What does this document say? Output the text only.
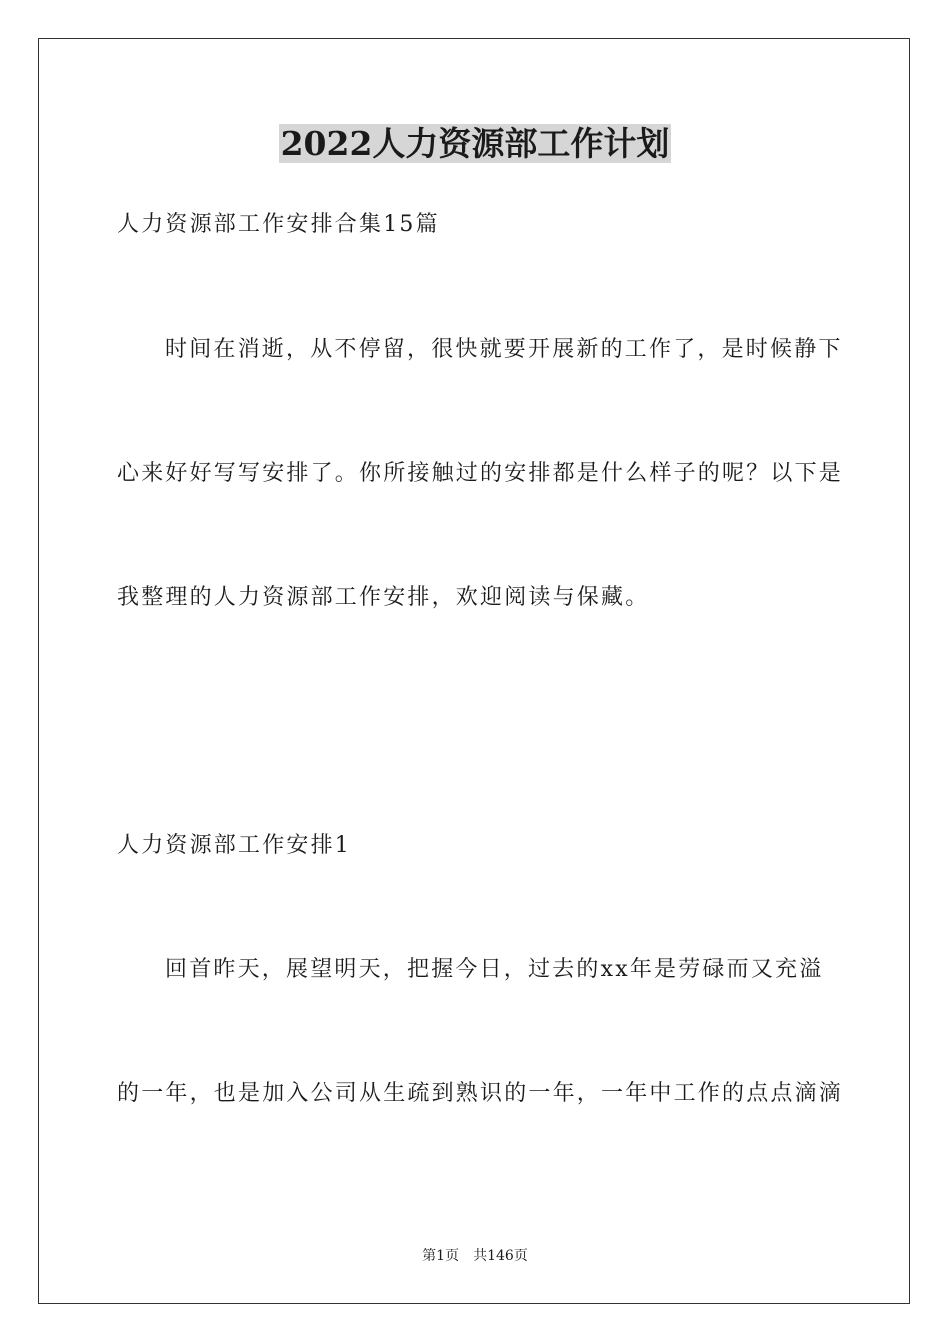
2022人力资源部工作计划
人力资源部工作安排合集15篇
时间在消逝，从不停留，很快就要开展新的工作了，是时候静下
心来好好写写安排了。你所接触过的安排都是什么样子的呢？以下是
我整理的人力资源部工作安排，欢迎阅读与保藏。
人力资源部工作安排1
回首昨天，展望明天，把握今日，过去的xx年是劳碌而又充溢
的一年，也是加入公司从生疏到熟识的一年，一年中工作的点点滴滴
第1页 共146页
